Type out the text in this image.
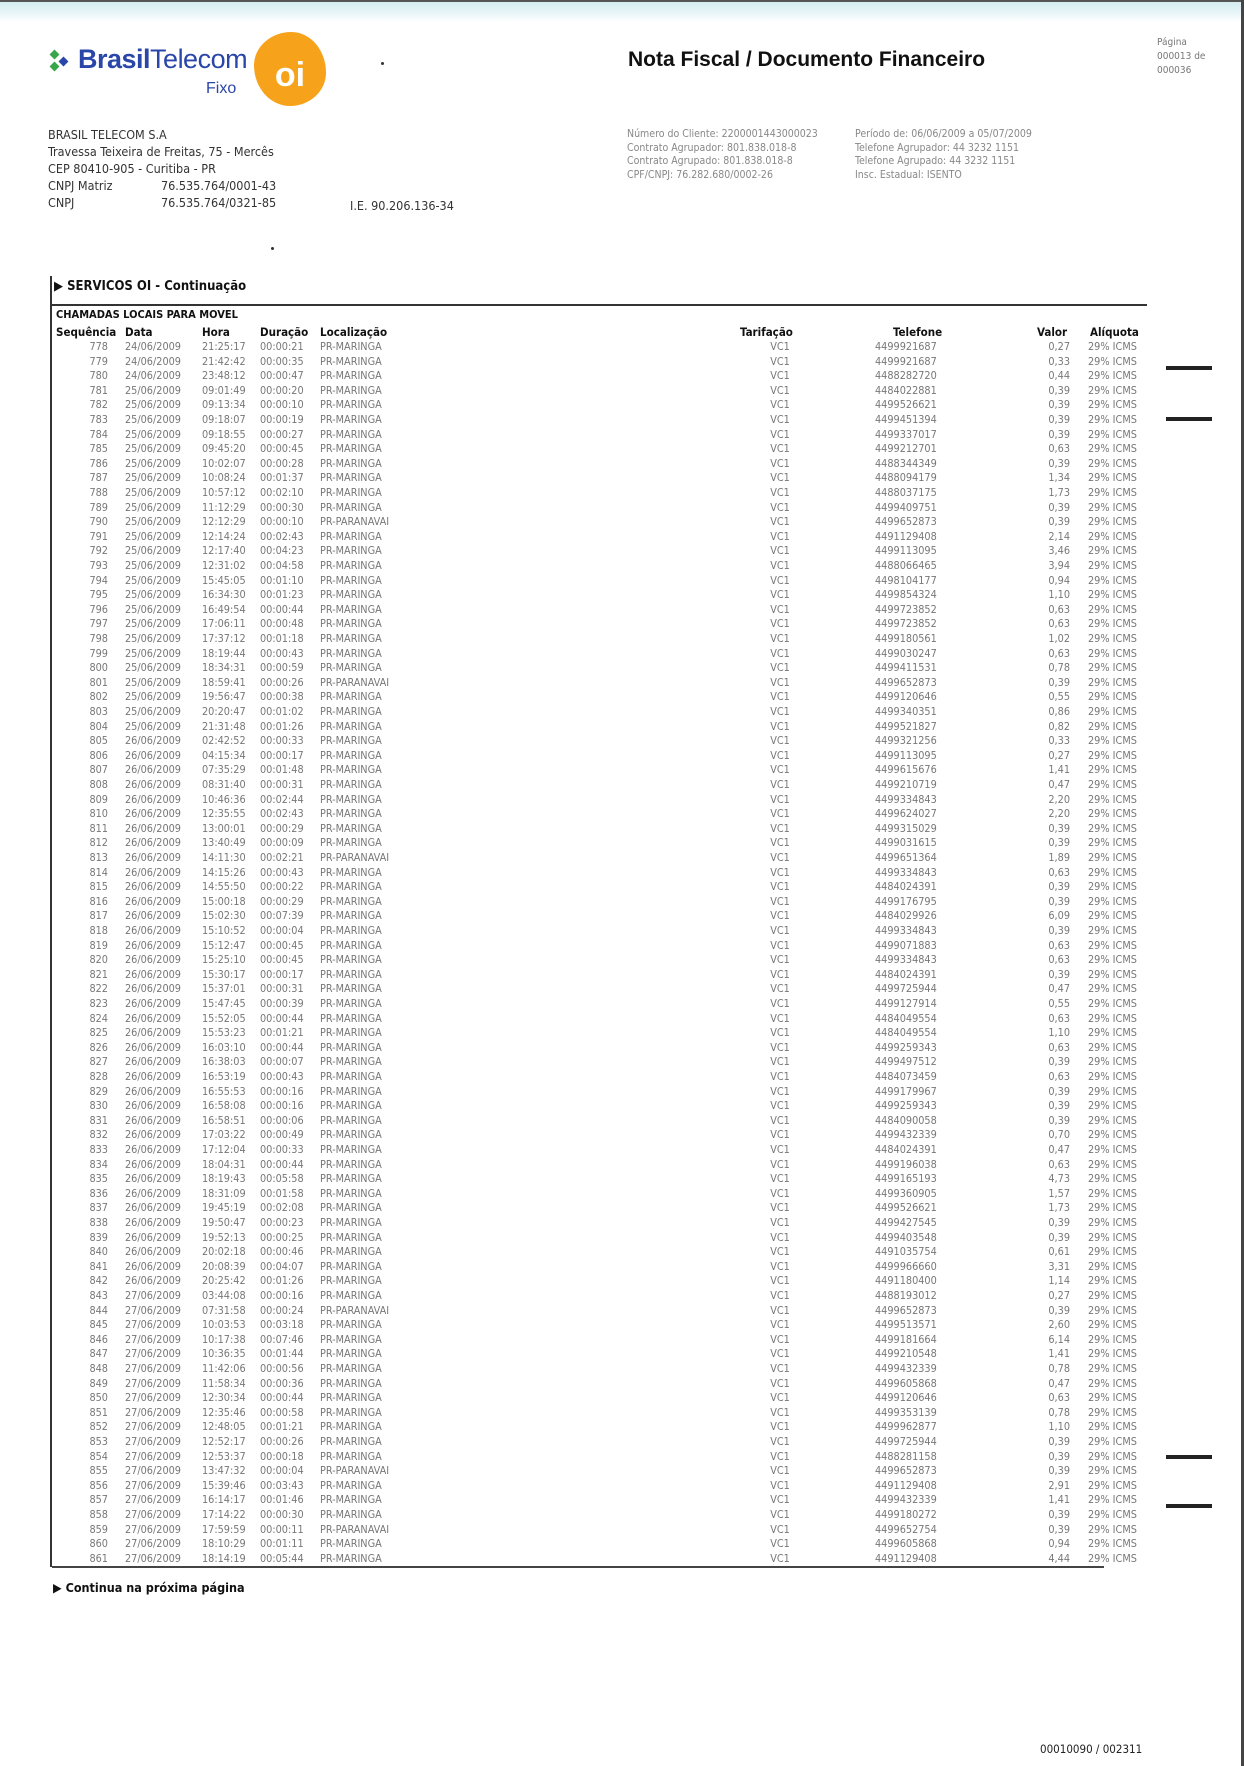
BrasilTelecom
Fixo	oi	Nota Fiscal / Documento Financeiro
Página
000013 de
000036
BRASIL TELECOM S.A
Travessa Teixeira de Freitas, 75 - Mercês
CEP 80410-905 - Curitiba - PR
CNPJ Matriz	76.535.764/0001-43
CNPJ	76.535.764/0321-85	I.E. 90.206.136-34
Número do Cliente: 2200001443000023
Contrato Agrupador: 801.838.018-8
Contrato Agrupado: 801.838.018-8
CPF/CNPJ: 76.282.680/0002-26
Período de: 06/06/2009 a 05/07/2009
Telefone Agrupador: 44 3232 1151
Telefone Agrupado: 44 3232 1151
Insc. Estadual: ISENTO
▶ SERVICOS OI - Continuação
CHAMADAS LOCAIS PARA MOVEL
Sequência Data	Hora	Duração Localização	Tarifação	Telefone	Valor Alíquota
778 24/06/2009 21:25:17 00:00:21 PR-MARINGA	VC1	4499921687	0,27 29% ICMS
779 24/06/2009 21:42:42 00:00:35 PR-MARINGA	VC1	4499921687	0,33 29% ICMS
780 24/06/2009 23:48:12 00:00:47 PR-MARINGA	VC1	4488282720	0,44 29% ICMS
781 25/06/2009 09:01:49 00:00:20 PR-MARINGA	VC1	4484022881	0,39 29% ICMS
782 25/06/2009 09:13:34 00:00:10 PR-MARINGA	VC1	4499526621	0,39 29% ICMS
783 25/06/2009 09:18:07 00:00:19 PR-MARINGA	VC1	4499451394	0,39 29% ICMS
784 25/06/2009 09:18:55 00:00:27 PR-MARINGA	VC1	4499337017	0,39 29% ICMS
785 25/06/2009 09:45:20 00:00:45 PR-MARINGA	VC1	4499212701	0,63 29% ICMS
786 25/06/2009 10:02:07 00:00:28 PR-MARINGA	VC1	4488344349	0,39 29% ICMS
787 25/06/2009 10:08:24 00:01:37 PR-MARINGA	VC1	4488094179	1,34 29% ICMS
788 25/06/2009 10:57:12 00:02:10 PR-MARINGA	VC1	4488037175	1,73 29% ICMS
789 25/06/2009 11:12:29 00:00:30 PR-MARINGA	VC1	4499409751	0,39 29% ICMS
790 25/06/2009 12:12:29 00:00:10 PR-PARANAVAI	VC1	4499652873	0,39 29% ICMS
791 25/06/2009 12:14:24 00:02:43 PR-MARINGA	VC1	4491129408	2,14 29% ICMS
792 25/06/2009 12:17:40 00:04:23 PR-MARINGA	VC1	4499113095	3,46 29% ICMS
793 25/06/2009 12:31:02 00:04:58 PR-MARINGA	VC1	4488066465	3,94 29% ICMS
794 25/06/2009 15:45:05 00:01:10 PR-MARINGA	VC1	4498104177	0,94 29% ICMS
795 25/06/2009 16:34:30 00:01:23 PR-MARINGA	VC1	4499854324	1,10 29% ICMS
796 25/06/2009 16:49:54 00:00:44 PR-MARINGA	VC1	4499723852	0,63 29% ICMS
797 25/06/2009 17:06:11 00:00:48 PR-MARINGA	VC1	4499723852	0,63 29% ICMS
798 25/06/2009 17:37:12 00:01:18 PR-MARINGA	VC1	4499180561	1,02 29% ICMS
799 25/06/2009 18:19:44 00:00:43 PR-MARINGA	VC1	4499030247	0,63 29% ICMS
800 25/06/2009 18:34:31 00:00:59 PR-MARINGA	VC1	4499411531	0,78 29% ICMS
801 25/06/2009 18:59:41 00:00:26 PR-PARANAVAI	VC1	4499652873	0,39 29% ICMS
802 25/06/2009 19:56:47 00:00:38 PR-MARINGA	VC1	4499120646	0,55 29% ICMS
803 25/06/2009 20:20:47 00:01:02 PR-MARINGA	VC1	4499340351	0,86 29% ICMS
804 25/06/2009 21:31:48 00:01:26 PR-MARINGA	VC1	4499521827	0,82 29% ICMS
805 26/06/2009 02:42:52 00:00:33 PR-MARINGA	VC1	4499321256	0,33 29% ICMS
806 26/06/2009 04:15:34 00:00:17 PR-MARINGA	VC1	4499113095	0,27 29% ICMS
807 26/06/2009 07:35:29 00:01:48 PR-MARINGA	VC1	4499615676	1,41 29% ICMS
808 26/06/2009 08:31:40 00:00:31 PR-MARINGA	VC1	4499210719	0,47 29% ICMS
809 26/06/2009 10:46:36 00:02:44 PR-MARINGA	VC1	4499334843	2,20 29% ICMS
810 26/06/2009 12:35:55 00:02:43 PR-MARINGA	VC1	4499624027	2,20 29% ICMS
811 26/06/2009 13:00:01 00:00:29 PR-MARINGA	VC1	4499315029	0,39 29% ICMS
812 26/06/2009 13:40:49 00:00:09 PR-MARINGA	VC1	4499031615	0,39 29% ICMS
813 26/06/2009 14:11:30 00:02:21 PR-PARANAVAI	VC1	4499651364	1,89 29% ICMS
814 26/06/2009 14:15:26 00:00:43 PR-MARINGA	VC1	4499334843	0,63 29% ICMS
815 26/06/2009 14:55:50 00:00:22 PR-MARINGA	VC1	4484024391	0,39 29% ICMS
816 26/06/2009 15:00:18 00:00:29 PR-MARINGA	VC1	4499176795	0,39 29% ICMS
817 26/06/2009 15:02:30 00:07:39 PR-MARINGA	VC1	4484029926	6,09 29% ICMS
818 26/06/2009 15:10:52 00:00:04 PR-MARINGA	VC1	4499334843	0,39 29% ICMS
819 26/06/2009 15:12:47 00:00:45 PR-MARINGA	VC1	4499071883	0,63 29% ICMS
820 26/06/2009 15:25:10 00:00:45 PR-MARINGA	VC1	4499334843	0,63 29% ICMS
821 26/06/2009 15:30:17 00:00:17 PR-MARINGA	VC1	4484024391	0,39 29% ICMS
822 26/06/2009 15:37:01 00:00:31 PR-MARINGA	VC1	4499725944	0,47 29% ICMS
823 26/06/2009 15:47:45 00:00:39 PR-MARINGA	VC1	4499127914	0,55 29% ICMS
824 26/06/2009 15:52:05 00:00:44 PR-MARINGA	VC1	4484049554	0,63 29% ICMS
825 26/06/2009 15:53:23 00:01:21 PR-MARINGA	VC1	4484049554	1,10 29% ICMS
826 26/06/2009 16:03:10 00:00:44 PR-MARINGA	VC1	4499259343	0,63 29% ICMS
827 26/06/2009 16:38:03 00:00:07 PR-MARINGA	VC1	4499497512	0,39 29% ICMS
828 26/06/2009 16:53:19 00:00:43 PR-MARINGA	VC1	4484073459	0,63 29% ICMS
829 26/06/2009 16:55:53 00:00:16 PR-MARINGA	VC1	4499179967	0,39 29% ICMS
830 26/06/2009 16:58:08 00:00:16 PR-MARINGA	VC1	4499259343	0,39 29% ICMS
831 26/06/2009 16:58:51 00:00:06 PR-MARINGA	VC1	4484090058	0,39 29% ICMS
832 26/06/2009 17:03:22 00:00:49 PR-MARINGA	VC1	4499432339	0,70 29% ICMS
833 26/06/2009 17:12:04 00:00:33 PR-MARINGA	VC1	4484024391	0,47 29% ICMS
834 26/06/2009 18:04:31 00:00:44 PR-MARINGA	VC1	4499196038	0,63 29% ICMS
835 26/06/2009 18:19:43 00:05:58 PR-MARINGA	VC1	4499165193	4,73 29% ICMS
836 26/06/2009 18:31:09 00:01:58 PR-MARINGA	VC1	4499360905	1,57 29% ICMS
837 26/06/2009 19:45:19 00:02:08 PR-MARINGA	VC1	4499526621	1,73 29% ICMS
838 26/06/2009 19:50:47 00:00:23 PR-MARINGA	VC1	4499427545	0,39 29% ICMS
839 26/06/2009 19:52:13 00:00:25 PR-MARINGA	VC1	4499403548	0,39 29% ICMS
840 26/06/2009 20:02:18 00:00:46 PR-MARINGA	VC1	4491035754	0,61 29% ICMS
841 26/06/2009 20:08:39 00:04:07 PR-MARINGA	VC1	4499966660	3,31 29% ICMS
842 26/06/2009 20:25:42 00:01:26 PR-MARINGA	VC1	4491180400	1,14 29% ICMS
843 27/06/2009 03:44:08 00:00:16 PR-MARINGA	VC1	4488193012	0,27 29% ICMS
844 27/06/2009 07:31:58 00:00:24 PR-PARANAVAI	VC1	4499652873	0,39 29% ICMS
845 27/06/2009 10:03:53 00:03:18 PR-MARINGA	VC1	4499513571	2,60 29% ICMS
846 27/06/2009 10:17:38 00:07:46 PR-MARINGA	VC1	4499181664	6,14 29% ICMS
847 27/06/2009 10:36:35 00:01:44 PR-MARINGA	VC1	4499210548	1,41 29% ICMS
848 27/06/2009 11:42:06 00:00:56 PR-MARINGA	VC1	4499432339	0,78 29% ICMS
849 27/06/2009 11:58:34 00:00:36 PR-MARINGA	VC1	4499605868	0,47 29% ICMS
850 27/06/2009 12:30:34 00:00:44 PR-MARINGA	VC1	4499120646	0,63 29% ICMS
851 27/06/2009 12:35:46 00:00:58 PR-MARINGA	VC1	4499353139	0,78 29% ICMS
852 27/06/2009 12:48:05 00:01:21 PR-MARINGA	VC1	4499962877	1,10 29% ICMS
853 27/06/2009 12:52:17 00:00:26 PR-MARINGA	VC1	4499725944	0,39 29% ICMS
854 27/06/2009 12:53:37 00:00:18 PR-MARINGA	VC1	4488281158	0,39 29% ICMS
855 27/06/2009 13:47:32 00:00:04 PR-PARANAVAI	VC1	4499652873	0,39 29% ICMS
856 27/06/2009 15:39:46 00:03:43 PR-MARINGA	VC1	4491129408	2,91 29% ICMS
857 27/06/2009 16:14:17 00:01:46 PR-MARINGA	VC1	4499432339	1,41 29% ICMS
858 27/06/2009 17:14:22 00:00:30 PR-MARINGA	VC1	4499180272	0,39 29% ICMS
859 27/06/2009 17:59:59 00:00:11 PR-PARANAVAI	VC1	4499652754	0,39 29% ICMS
860 27/06/2009 18:10:29 00:01:11 PR-MARINGA	VC1	4499605868	0,94 29% ICMS
861 27/06/2009 18:14:19 00:05:44 PR-MARINGA	VC1	4491129408	4,44 29% ICMS
▶ Continua na próxima página
00010090 / 002311
